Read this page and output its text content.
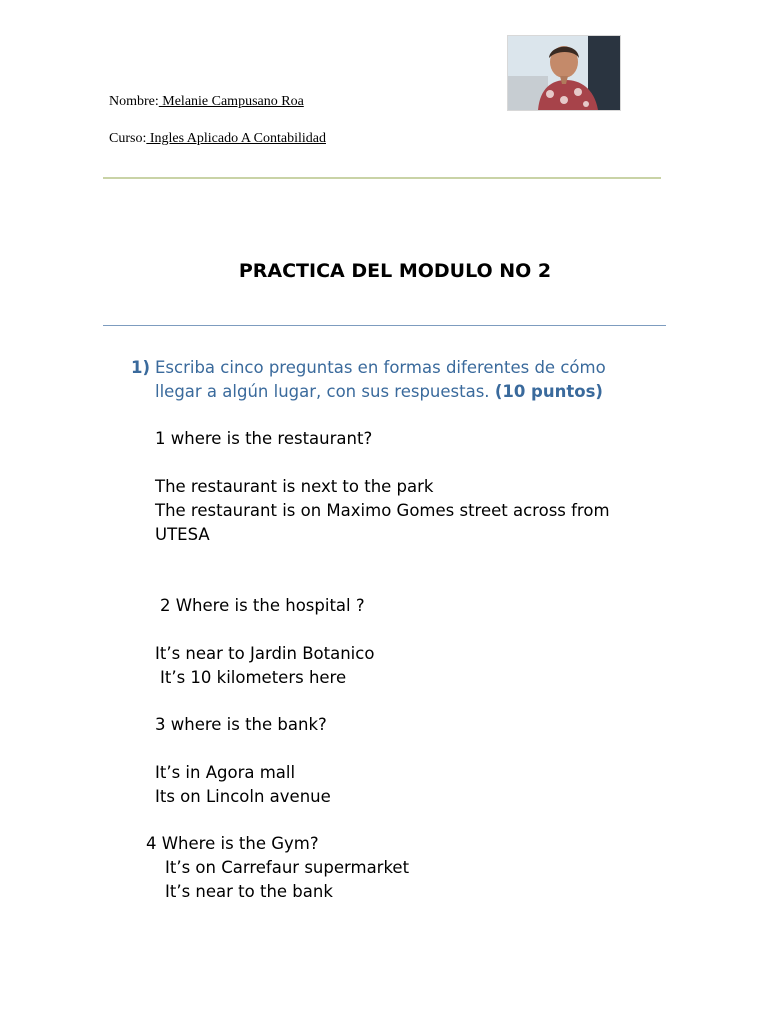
Nombre: Melanie Campusano Roa
Curso: Ingles Aplicado A Contabilidad
PRACTICA DEL MODULO NO 2
1) Escriba cinco preguntas en formas diferentes de cómo
llegar a algún lugar, con sus respuestas. (10 puntos)
1 where is the restaurant?
The restaurant is next to the park
The restaurant is on Maximo Gomes street across from
UTESA
2 Where is the hospital ?
It’s near to Jardin Botanico
It’s 10 kilometers here
3 where is the bank?
It’s in Agora mall
Its on Lincoln avenue
4 Where is the Gym?
It’s on Carrefaur supermarket
It’s near to the bank
